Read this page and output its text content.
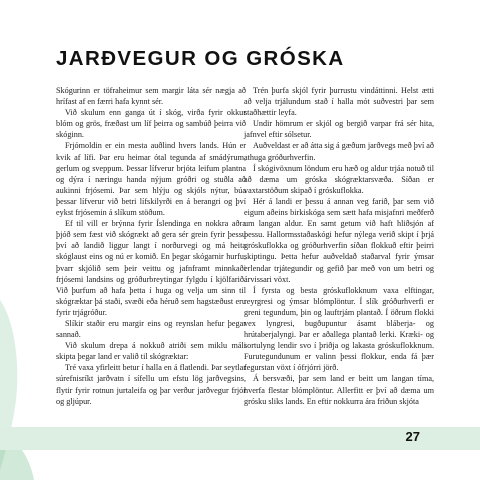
JARÐVEGUR OG GRÓSKA

Skógurinn er töfraheimur sem margir láta sér nægja að hrífast af en færri hafa kynnt sér.

Við skulum enn ganga út í skóg, virða fyrir okkur blóm og grös, fræðast um líf þeirra og sambúð þeirra við skóginn.

Frjómoldin er ein mesta auðlind hvers lands. Hún er kvik af lífi. Þar eru heimar ótal tegunda af smádýrum, gerlum og sveppum. Þessar lífverur brjóta leifum plantna og dýra í næringu handa nýjum gróðri og stuðla að aukinni frjósemi. Þar sem hlýju og skjóls nýtur, búa þessar lífverur við betri lífskilyrði en á berangri og því eykst frjósemin á slíkum stöðum.

Ef til vill er brýnna fyrir Íslendinga en nokkra aðra þjóð sem fæst við skógrækt að gera sér grein fyrir þessu því að landið liggur langt í norðurvegi og má heita skóglaust eins og nú er komið. En þegar skógarnir hurfu, þvarr skjólið sem þeir veittu og jafnframt minnkaði frjósemi landsins og gróðurbreytingar fylgdu í kjölfarið. Við þurfum að hafa þetta í huga og velja um sinn til skógræktar þá staði, svæði eða héruð sem hagstæðust eru fyrir trjágróður.

Slíkir staðir eru margir eins og reynslan hefur þegar sannað.

Við skulum drepa á nokkuð atriði sem miklu máli skipta þegar land er valið til skógræktar:

Tré vaxa yfirleitt betur í halla en á flatlendi. Þar seytlar súrefnisríkt jarðvatn í sífellu um efstu lög jarðvegsins, flytir fyrir rotnun jurtaleifa og þar verður jarðvegur frjór og gljúpur.

Trén þurfa skjól fyrir þurrustu vindáttinni. Helst ætti að velja trjálundum stað í halla mót suðvestri þar sem staðhættir leyfa.

Undir hömrum er skjól og bergið varpar frá sér hita, jafnvel eftir sólsetur.

Auðveldast er að átta sig á gæðum jarðvegs með því að athuga gróðurhverfin.

Í skógivöxnum löndum eru hæð og aldur trjáa notuð til að dæma um gróska skógræktarsvæða. Síðan er vaxtarstöðum skipað í gróskuflokka.

Hér á landi er þessu á annan veg farið, þar sem við eigum aðeins birkiskóga sem sætt hafa misjafnri meðferð um langan aldur. En samt getum við haft hliðsjón af þessu. Hallormsstaðaskógi hefur nýlega verið skipt í þrjá gróskuflokka og gróðurhverfin síðan flokkuð eftir þeirri skiptingu. Þetta hefur auðveldað staðarval fyrir ýmsar erlendar trjátegundir og gefið þar með von um betri og árvissari vöxt.

Í fyrsta og besta gróskuflokknum vaxa elftingar, reyrgresi og ýmsar blómplöntur. Í slík gróðurhverfi er greni tegundum, þin og lauftrjám plantað. Í öðrum flokki vex lyngresi, bugðupuntur ásamt bláberja- og hrútaberjalyngi. Þar er aðallega plantað lerki. Kræki- og sortulyng lendir svo í þriðja og lakasta gróskuflokknum. Furutegundunum er valinn þessi flokkur, enda fá þær fegurstan vöxt í ófrjórri jörð.

Á bersvæði, þar sem land er beitt um langan tíma, hverfa flestar blómplöntur. Allerfitt er því að dæma um grósku sliks lands. En eftir nokkurra ára friðun skjóta

27
